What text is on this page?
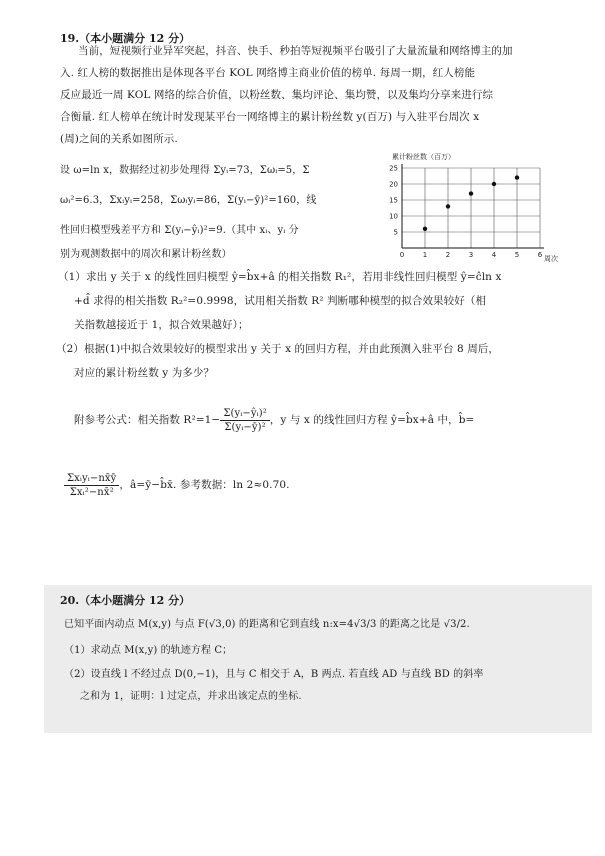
19.（本小题满分 12 分）
当前，短视频行业异军突起，抖音、快手、秒拍等短视频平台吸引了大量流量和网络博主的加
入. 红人榜的数据推出是体现各平台 KOL 网络博主商业价值的榜单. 每周一期，红人榜能
反应最近一周 KOL 网络的综合价值，以粉丝数、集均评论、集均赞，以及集均分享来进行综
合衡量. 红人榜单在统计时发现某平台一网络博主的累计粉丝数 y(百万) 与入驻平台周次 x
(周)之间的关系如图所示.
设 ω=ln x，数据经过初步处理得 Σyᵢ=73，Σωᵢ=5，Σ
ωᵢ²=6.3，Σxᵢyᵢ=258，Σωᵢyᵢ=86，Σ(yᵢ−ȳ)²=160，线
性回归模型残差平方和 Σ(yᵢ−ŷᵢ)²=9.（其中 xᵢ、yᵢ 分
别为观测数据中的周次和累计粉丝数）
累计粉丝数（百万）
5
10
15
20
25
0	1	2	3	4	5	6 周次
（1）求出 y 关于 x 的线性回归模型 ŷ=b̂x+â 的相关指数 R₁²，若用非线性回归模型 ŷ=ĉln x
+d̂ 求得的相关指数 R₂²=0.9998，试用相关指数 R² 判断哪种模型的拟合效果较好（相
关指数越接近于 1，拟合效果越好）；
（2）根据(1)中拟合效果较好的模型求出 y 关于 x 的回归方程，并由此预测入驻平台 8 周后，
对应的累计粉丝数 y 为多少？
附参考公式：相关指数 $R^2=1- \frac{\text{Σ(yᵢ−ŷᵢ)²}}{\text{Σ(yᵢ−ȳ)²}}$ ，y 与 x 的线性回归方程 ŷ=b̂x+â 中，b̂=
$\frac{\text{Σxᵢyᵢ−nx̄ȳ}}{\text{Σxᵢ²−nx̄²}}$ ，â=ȳ−b̂x̄. 参考数据：ln 2≈0.70.
20.（本小题满分 12 分）
已知平面内动点 M(x,y) 与点 F(√3,0) 的距离和它到直线 n:x=4√3/3 的距离之比是 √3/2.
（1）求动点 M(x,y) 的轨迹方程 C；
（2）设直线 l 不经过点 D(0,−1)，且与 C 相交于 A，B 两点. 若直线 AD 与直线 BD 的斜率
之和为 1，证明：l 过定点，并求出该定点的坐标.
